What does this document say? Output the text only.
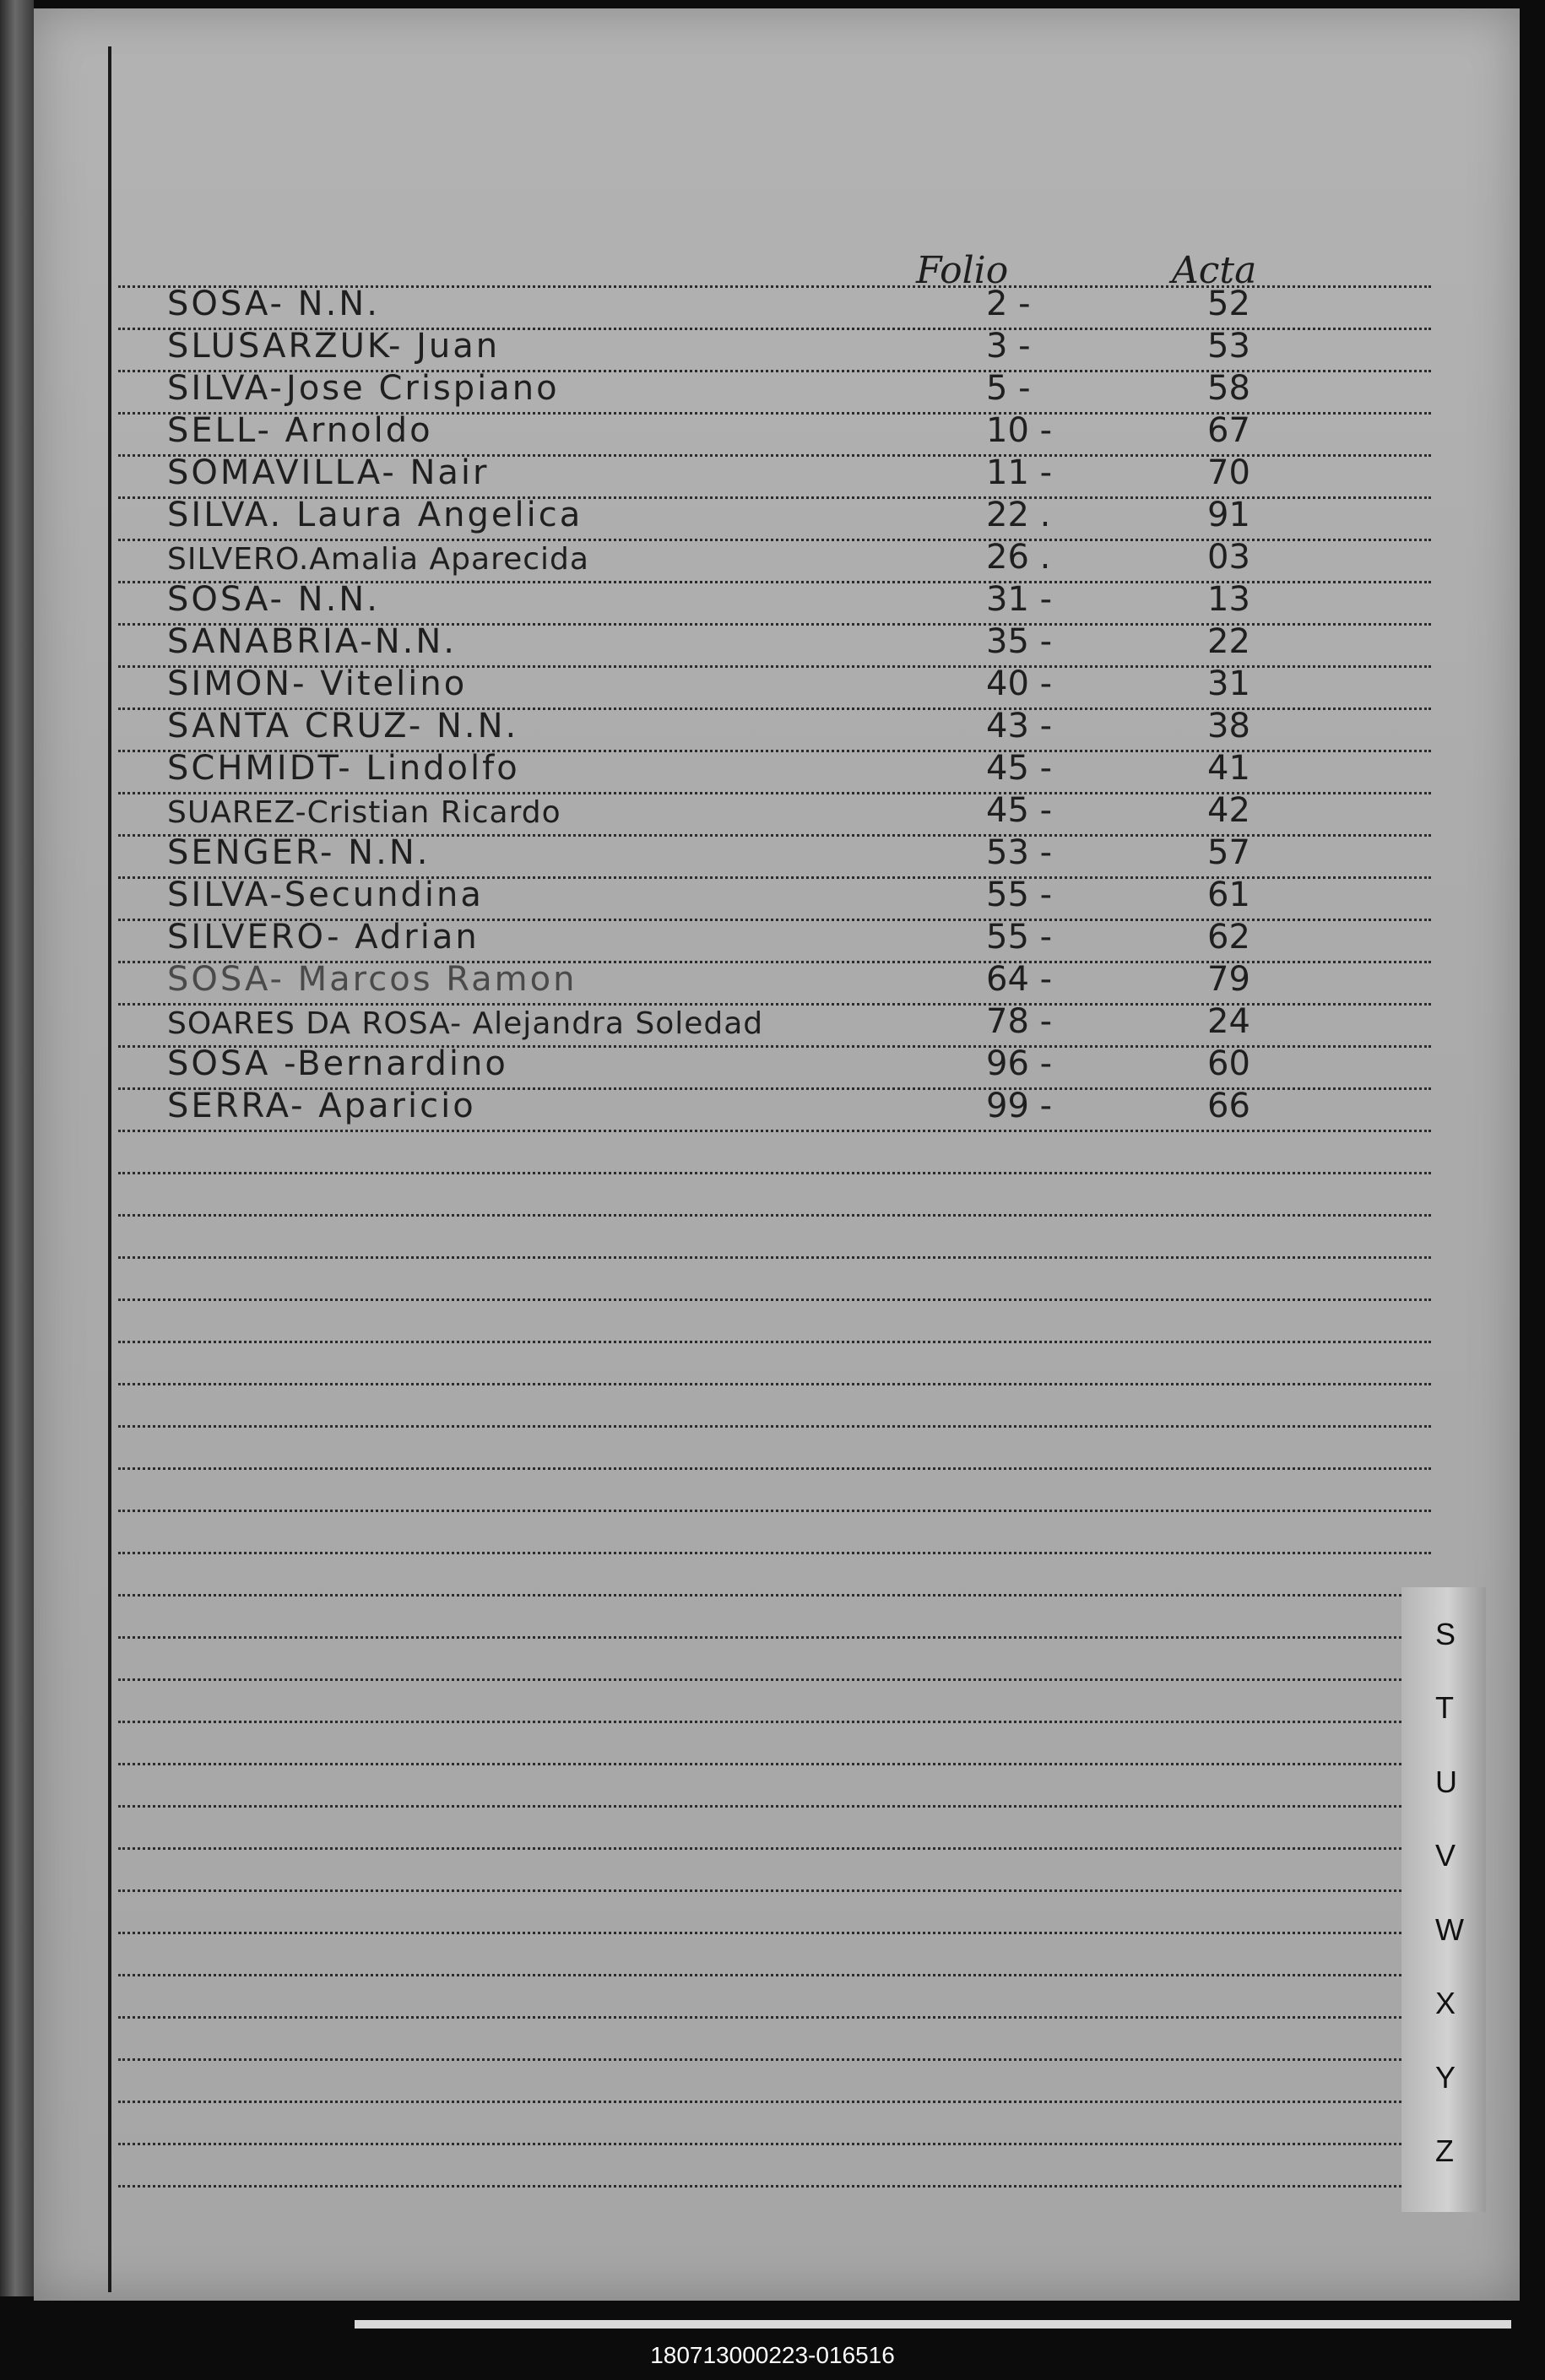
Folio	Acta
SOSA- N.N.	2 -	52
SLUSARZUK- Juan	3 -	53
SILVA-Jose Crispiano	5 -	58
SELL- Arnoldo	10 -	67
SOMAVILLA- Nair	11 -	70
SILVA. Laura Angelica	22 .	91
SILVERO.Amalia Aparecida	26 .	03
SOSA- N.N.	31 -	13
SANABRIA-N.N.	35 -	22
SIMON- Vitelino	40 -	31
SANTA CRUZ- N.N.	43 -	38
SCHMIDT- Lindolfo	45 -	41
SUAREZ-Cristian Ricardo	45 -	42
SENGER- N.N.	53 -	57
SILVA-Secundina	55 -	61
SILVERO- Adrian	55 -	62
SOSA- Marcos Ramon	64 -	79
SOARES DA ROSA- Alejandra Soledad	78 -	24
SOSA -Bernardino	96 -	60
SERRA- Aparicio	99 -	66
S
T
U
V
W
X
Y
Z
180713000223-016516
